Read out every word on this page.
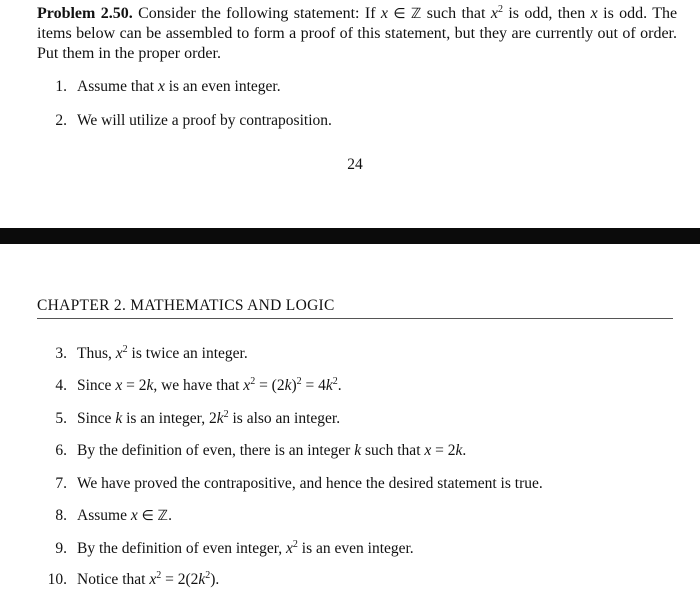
Problem 2.50. Consider the following statement: If x ∈ ℤ such that $x^2$ is odd, then x is odd. The items below can be assembled to form a proof of this statement, but they are currently out of order. Put them in the proper order.
1. Assume that x is an even integer.
2. We will utilize a proof by contraposition.
24
CHAPTER 2. MATHEMATICS AND LOGIC
3. Thus, $x^2$ is twice an integer.
4. Since x = 2k, we have that $x^2 = (2k)^2 = 4k^2$.
5. Since k is an integer, $2k^2$ is also an integer.
6. By the definition of even, there is an integer k such that x = 2k.
7. We have proved the contrapositive, and hence the desired statement is true.
8. Assume x ∈ ℤ.
9. By the definition of even integer, $x^2$ is an even integer.
10. Notice that $x^2 = 2(2k^2)$.
